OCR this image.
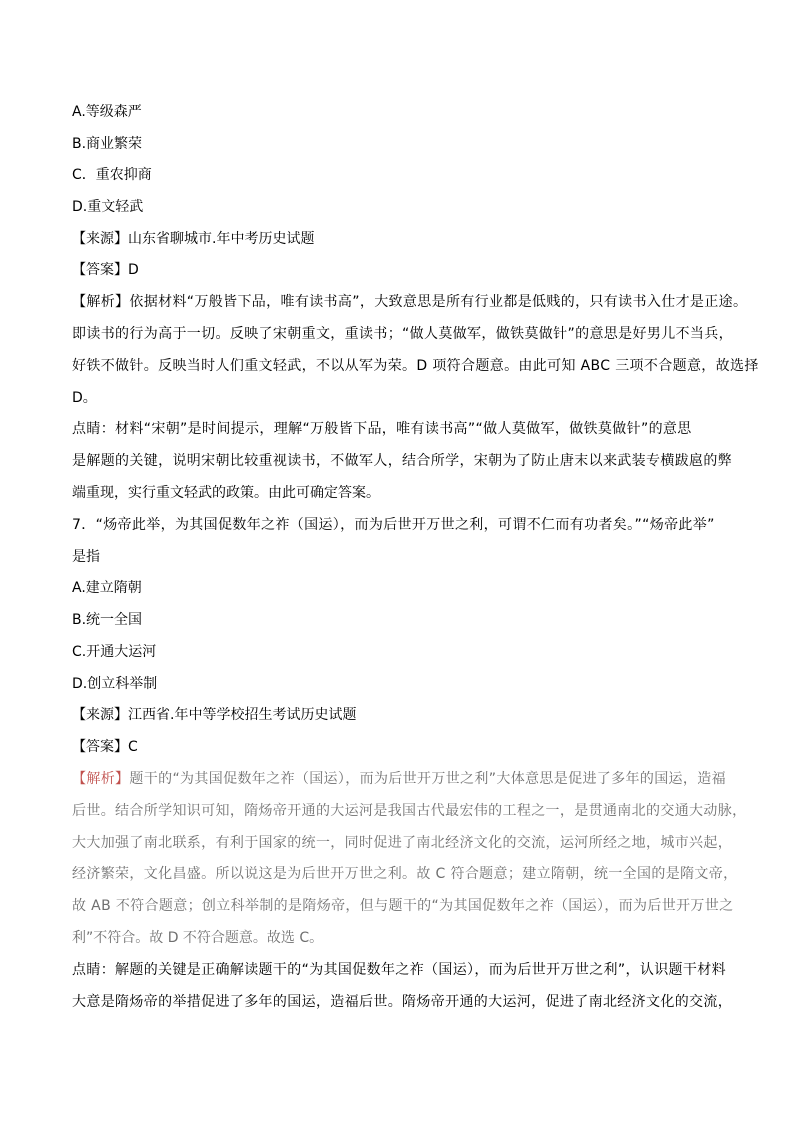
A.等级森严
B.商业繁荣
C．重农抑商
D.重文轻武
【来源】山东省聊城市.年中考历史试题
【答案】D
【解析】依据材料“万般皆下品，唯有读书高”，大致意思是所有行业都是低贱的，只有读书入仕才是正途。
即读书的行为高于一切。反映了宋朝重文，重读书；“做人莫做军，做铁莫做针”的意思是好男儿不当兵，
好铁不做针。反映当时人们重文轻武，不以从军为荣。D 项符合题意。由此可知 ABC 三项不合题意，故选择
D。
点睛：材料“宋朝”是时间提示，理解“万般皆下品，唯有读书高”“做人莫做军，做铁莫做针”的意思
是解题的关键，说明宋朝比较重视读书，不做军人，结合所学，宋朝为了防止唐末以来武装专横跋扈的弊
端重现，实行重文轻武的政策。由此可确定答案。
7．“炀帝此举，为其国促数年之祚（国运），而为后世开万世之利，可谓不仁而有功者矣。”“炀帝此举”
是指
A.建立隋朝
B.统一全国
C.开通大运河
D.创立科举制
【来源】江西省.年中等学校招生考试历史试题
【答案】C
【解析】题干的“为其国促数年之祚（国运），而为后世开万世之利”大体意思是促进了多年的国运，造福
后世。结合所学知识可知，隋炀帝开通的大运河是我国古代最宏伟的工程之一，是贯通南北的交通大动脉，
大大加强了南北联系，有利于国家的统一，同时促进了南北经济文化的交流，运河所经之地，城市兴起，
经济繁荣，文化昌盛。所以说这是为后世开万世之利。故 C 符合题意；建立隋朝，统一全国的是隋文帝，
故 AB 不符合题意；创立科举制的是隋炀帝，但与题干的“为其国促数年之祚（国运），而为后世开万世之
利”不符合。故 D 不符合题意。故选 C。
点睛：解题的关键是正确解读题干的“为其国促数年之祚（国运），而为后世开万世之利”，认识题干材料
大意是隋炀帝的举措促进了多年的国运，造福后世。隋炀帝开通的大运河，促进了南北经济文化的交流，
